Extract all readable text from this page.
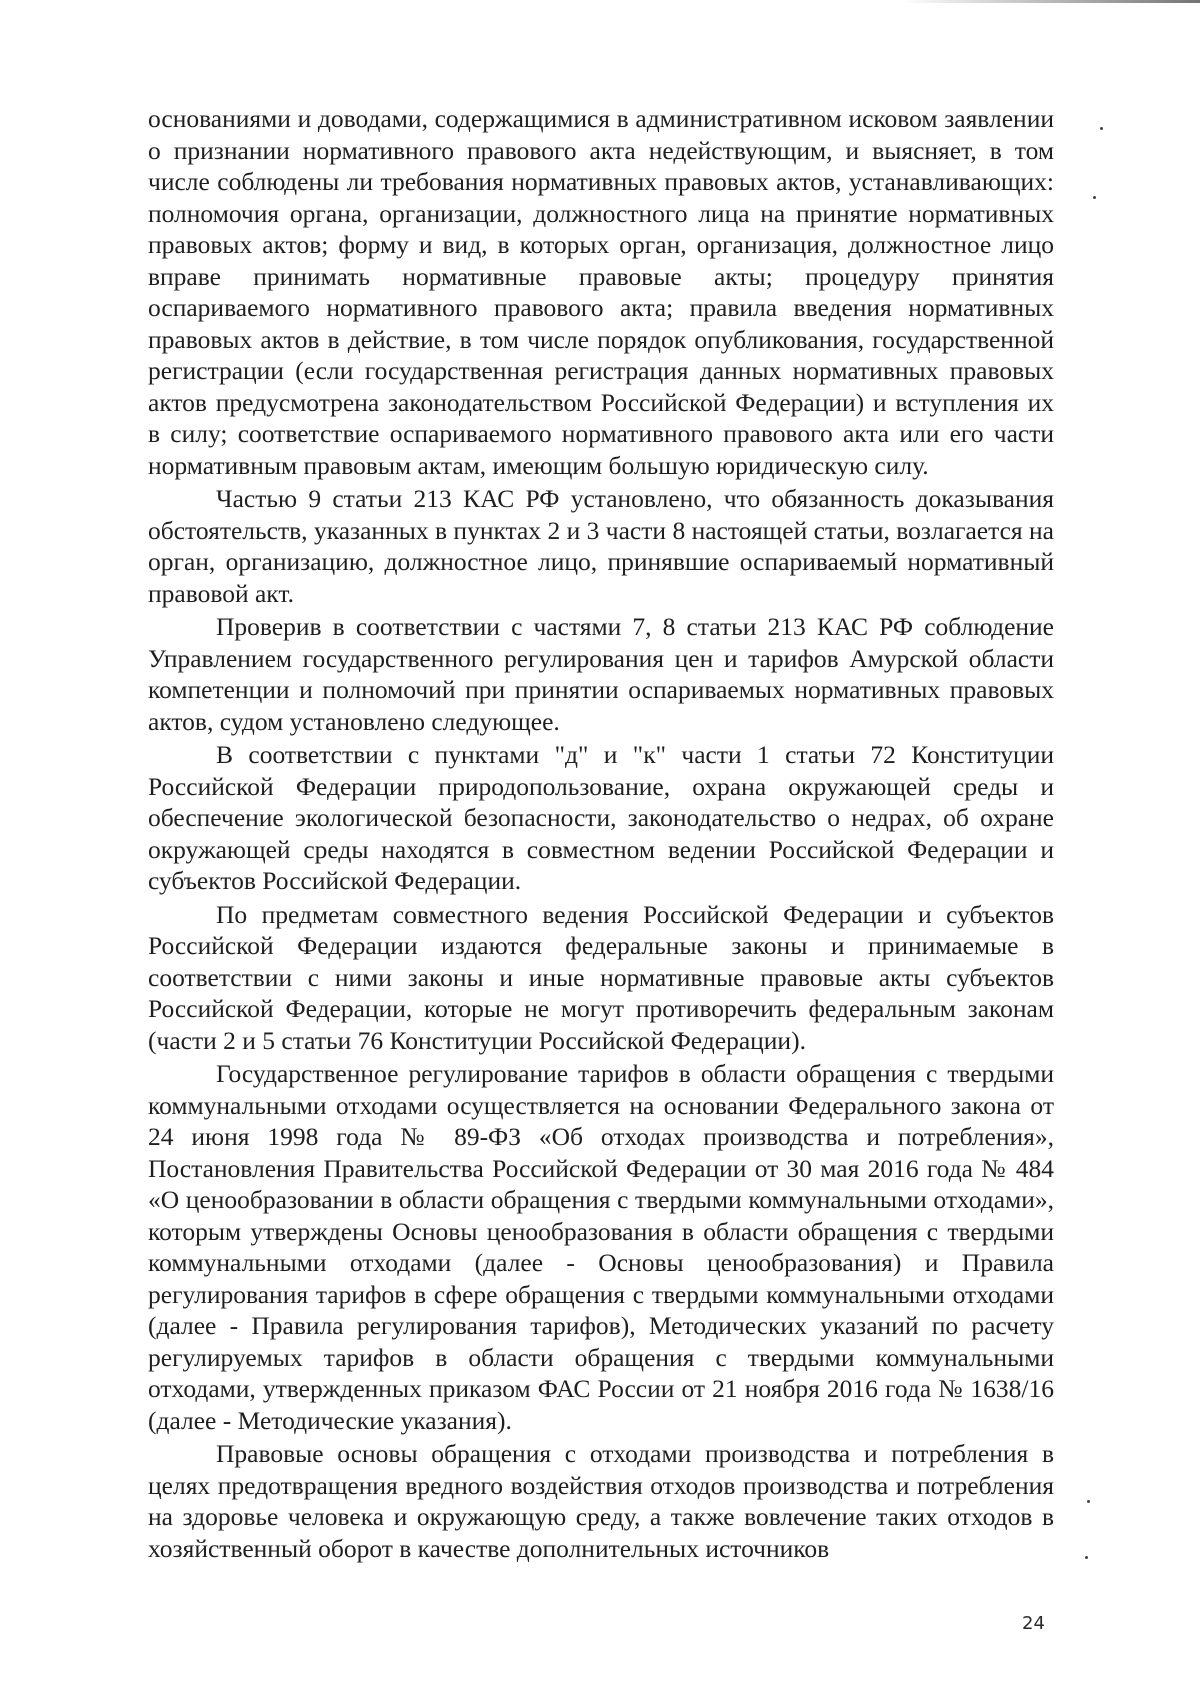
основаниями и доводами, содержащимися в административном исковом заявлении о признании нормативного правового акта недействующим, и выясняет, в том числе соблюдены ли требования нормативных правовых актов, устанавливающих: полномочия органа, организации, должностного лица на принятие нормативных правовых актов; форму и вид, в которых орган, организация, должностное лицо вправе принимать нормативные правовые акты; процедуру принятия оспариваемого нормативного правового акта; правила введения нормативных правовых актов в действие, в том числе порядок опубликования, государственной регистрации (если государственная регистрация данных нормативных правовых актов предусмотрена законодательством Российской Федерации) и вступления их в силу; соответствие оспариваемого нормативного правового акта или его части нормативным правовым актам, имеющим большую юридическую силу.

Частью 9 статьи 213 КАС РФ установлено, что обязанность доказывания обстоятельств, указанных в пунктах 2 и 3 части 8 настоящей статьи, возлагается на орган, организацию, должностное лицо, принявшие оспариваемый нормативный правовой акт.

Проверив в соответствии с частями 7, 8 статьи 213 КАС РФ соблюдение Управлением государственного регулирования цен и тарифов Амурской области компетенции и полномочий при принятии оспариваемых нормативных правовых актов, судом установлено следующее.

В соответствии с пунктами "д" и "к" части 1 статьи 72 Конституции Российской Федерации природопользование, охрана окружающей среды и обеспечение экологической безопасности, законодательство о недрах, об охране окружающей среды находятся в совместном ведении Российской Федерации и субъектов Российской Федерации.

По предметам совместного ведения Российской Федерации и субъектов Российской Федерации издаются федеральные законы и принимаемые в соответствии с ними законы и иные нормативные правовые акты субъектов Российской Федерации, которые не могут противоречить федеральным законам (части 2 и 5 статьи 76 Конституции Российской Федерации).

Государственное регулирование тарифов в области обращения с твердыми коммунальными отходами осуществляется на основании Федерального закона от 24 июня 1998 года № 89-ФЗ «Об отходах производства и потребления», Постановления Правительства Российской Федерации от 30 мая 2016 года № 484 «О ценообразовании в области обращения с твердыми коммунальными отходами», которым утверждены Основы ценообразования в области обращения с твердыми коммунальными отходами (далее - Основы ценообразования) и Правила регулирования тарифов в сфере обращения с твердыми коммунальными отходами (далее - Правила регулирования тарифов), Методических указаний по расчету регулируемых тарифов в области обращения с твердыми коммунальными отходами, утвержденных приказом ФАС России от 21 ноября 2016 года № 1638/16 (далее - Методические указания).

Правовые основы обращения с отходами производства и потребления в целях предотвращения вредного воздействия отходов производства и потребления на здоровье человека и окружающую среду, а также вовлечение таких отходов в хозяйственный оборот в качестве дополнительных источников

24
